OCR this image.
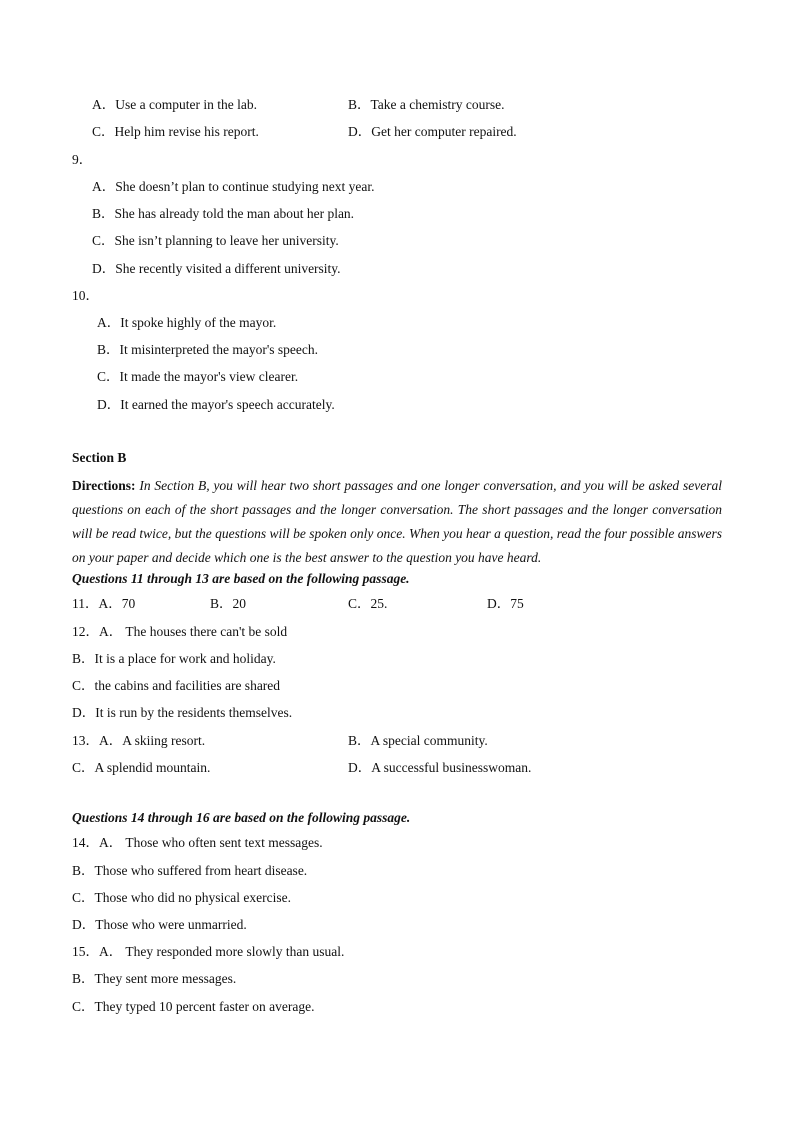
A．Use a computer in the lab.	B．Take a chemistry course.
C．Help him revise his report.	D．Get her computer repaired.
9．
A．She doesn’t plan to continue studying next year.
B．She has already told the man about her plan.
C．She isn’t planning to leave her university.
D．She recently visited a different university.
10．
A．It spoke highly of the mayor.
B．It misinterpreted the mayor's speech.
C．It made the mayor's view clearer.
D．It earned the mayor's speech accurately.
Section B
Directions: In Section B, you will hear two short passages and one longer conversation, and you will be asked several questions on each of the short passages and the longer conversation. The short passages and the longer conversation will be read twice, but the questions will be spoken only once. When you hear a question, read the four possible answers on your paper and decide which one is the best answer to the question you have heard.
Questions 11 through 13 are based on the following passage.
11．A．70	B．20	C．25.	D．75
12．A． The houses there can't be sold
B．It is a place for work and holiday.
C．the cabins and facilities are shared
D．It is run by the residents themselves.
13．A．A skiing resort.	B．A special community.
C．A splendid mountain.	D．A successful businesswoman.
Questions 14 through 16 are based on the following passage.
14．A． Those who often sent text messages.
B．Those who suffered from heart disease.
C．Those who did no physical exercise.
D．Those who were unmarried.
15．A． They responded more slowly than usual.
B．They sent more messages.
C．They typed 10 percent faster on average.
